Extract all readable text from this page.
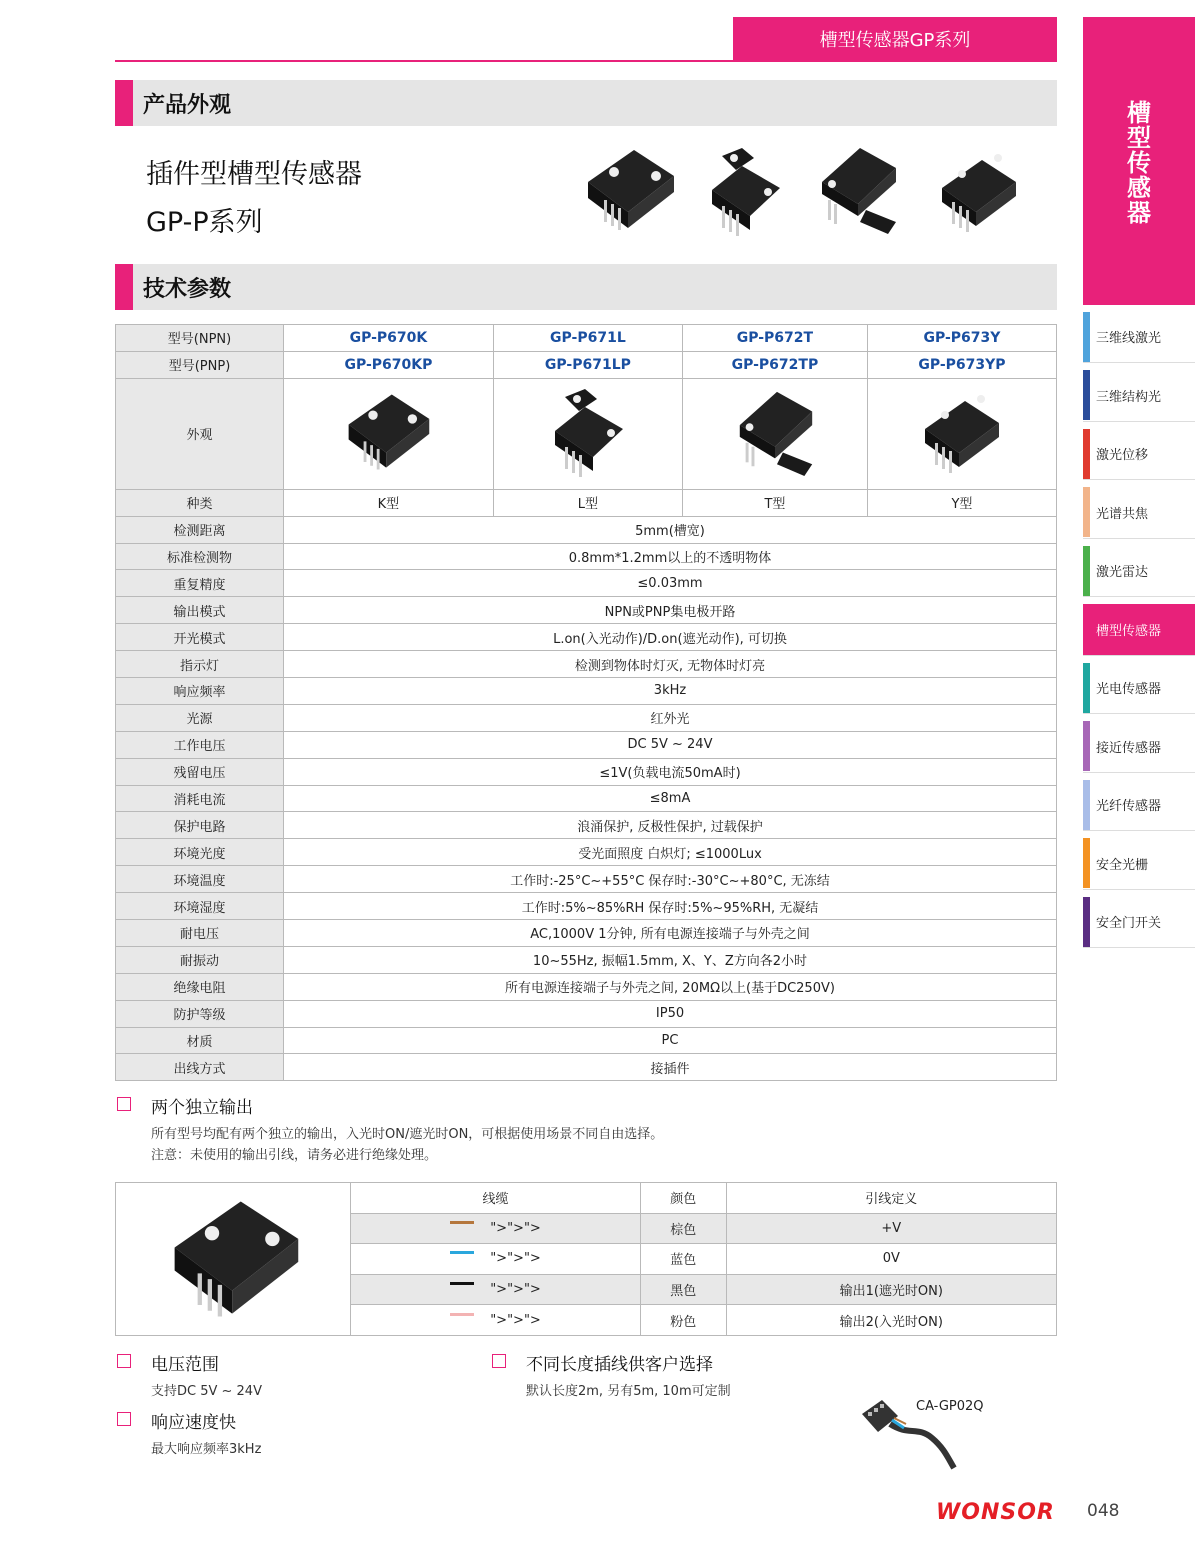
槽型传感器GP系列
产品外观
插件型槽型传感器
GP-P系列
技术参数
型号(NPN)	GP-P670K	GP-P671L	GP-P672T	GP-P673Y
型号(PNP)	GP-P670KP	GP-P671LP	GP-P672TP	GP-P673YP
外观				
种类	K型	L型	T型	Y型
检测距离	5mm(槽宽)			
标准检测物	0.8mm*1.2mm以上的不透明物体			
重复精度	≤0.03mm			
输出模式	NPN或PNP集电极开路			
开光模式	L.on(入光动作)/D.on(遮光动作), 可切换			
指示灯	检测到物体时灯灭, 无物体时灯亮			
响应频率	3kHz			
光源	红外光			
工作电压	DC 5V ~ 24V			
残留电压	≤1V(负载电流50mA时)			
消耗电流	≤8mA			
保护电路	浪涌保护, 反极性保护, 过载保护			
环境光度	受光面照度 白炽灯; ≤1000Lux			
环境温度	工作时:-25°C~+55°C 保存时:-30°C~+80°C, 无冻结			
环境湿度	工作时:5%~85%RH 保存时:5%~95%RH, 无凝结			
耐电压	AC,1000V 1分钟, 所有电源连接端子与外壳之间			
耐振动	10~55Hz, 振幅1.5mm, X、Y、Z方向各2小时			
绝缘电阻	所有电源连接端子与外壳之间, 20MΩ以上(基于DC250V)			
防护等级	IP50			
材质	PC			
出线方式	接插件			
槽
型
传
感
器
三维线激光
三维结构光
激光位移
光谱共焦
激光雷达
槽型传感器
光电传感器
接近传感器
光纤传感器
安全光栅
安全门开关
两个独立输出
所有型号均配有两个独立的输出，入光时ON/遮光时ON，可根据使用场景不同自由选择。
注意：未使用的输出引线，请务必进行绝缘处理。
线缆	颜色	引线定义

">">">	棕色	+V

">">">	蓝色	0V

">">">	黑色	输出1(遮光时ON)

">">">	粉色	输出2(入光时ON)
电压范围
支持DC 5V ~ 24V
响应速度快
最大响应频率3kHz
不同长度插线供客户选择
默认长度2m, 另有5m, 10m可定制
CA-GP02Q
WONSOR 048
